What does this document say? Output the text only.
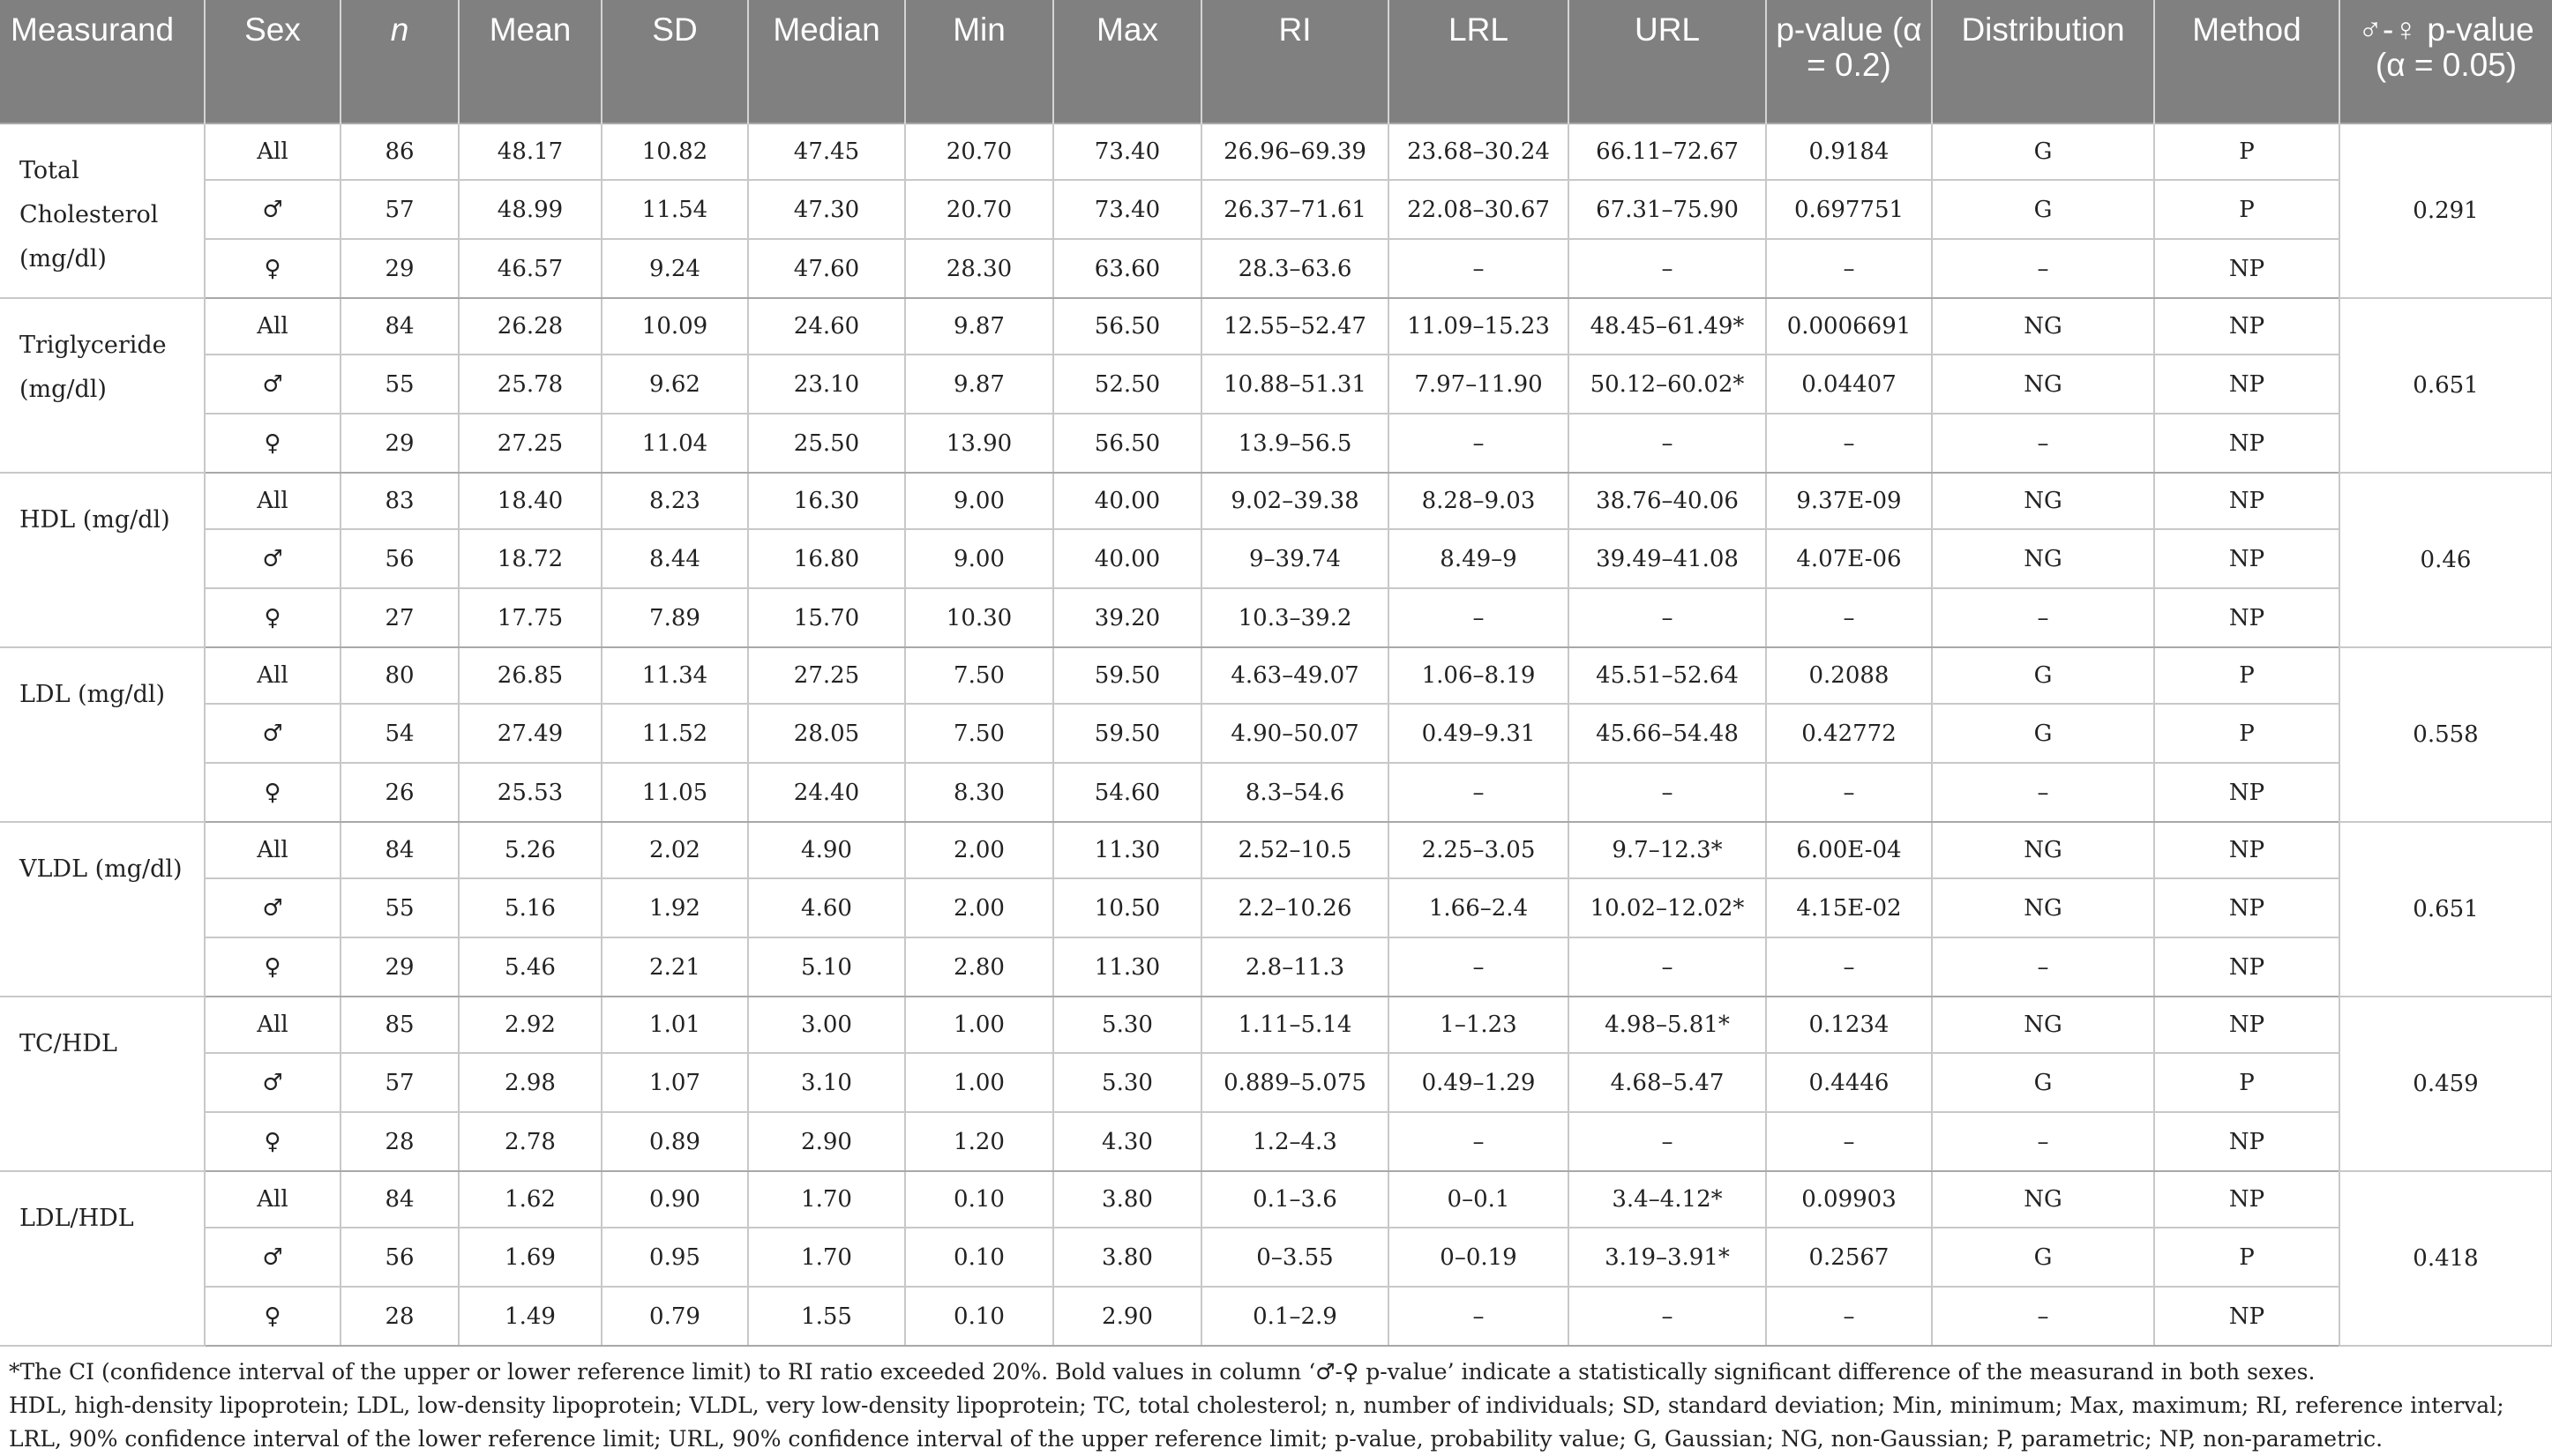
Measurand	Sex	n	Mean	SD	Median	Min	Max	RI	LRL	URL	p-value (α = 0.2)	Distribution	Method	♂-♀ p-value (α = 0.05)
Total Cholesterol (mg/dl)	All	86	48.17	10.82	47.45	20.70	73.40	26.96–69.39	23.68–30.24	66.11–72.67	0.9184	G	P	0.291
	♂	57	48.99	11.54	47.30	20.70	73.40	26.37–71.61	22.08–30.67	67.31–75.90	0.697751	G	P	
	♀	29	46.57	9.24	47.60	28.30	63.60	28.3–63.6	–	–	–	–	NP	
Triglyceride (mg/dl)	All	84	26.28	10.09	24.60	9.87	56.50	12.55–52.47	11.09–15.23	48.45–61.49*	0.0006691	NG	NP	0.651
	♂	55	25.78	9.62	23.10	9.87	52.50	10.88–51.31	7.97–11.90	50.12–60.02*	0.04407	NG	NP	
	♀	29	27.25	11.04	25.50	13.90	56.50	13.9–56.5	–	–	–	–	NP	
HDL (mg/dl)	All	83	18.40	8.23	16.30	9.00	40.00	9.02–39.38	8.28–9.03	38.76–40.06	9.37E-09	NG	NP	0.46
	♂	56	18.72	8.44	16.80	9.00	40.00	9–39.74	8.49–9	39.49–41.08	4.07E-06	NG	NP	
	♀	27	17.75	7.89	15.70	10.30	39.20	10.3–39.2	–	–	–	–	NP	
LDL (mg/dl)	All	80	26.85	11.34	27.25	7.50	59.50	4.63–49.07	1.06–8.19	45.51–52.64	0.2088	G	P	0.558
	♂	54	27.49	11.52	28.05	7.50	59.50	4.90–50.07	0.49–9.31	45.66–54.48	0.42772	G	P	
	♀	26	25.53	11.05	24.40	8.30	54.60	8.3–54.6	–	–	–	–	NP	
VLDL (mg/dl)	All	84	5.26	2.02	4.90	2.00	11.30	2.52–10.5	2.25–3.05	9.7–12.3*	6.00E-04	NG	NP	0.651
	♂	55	5.16	1.92	4.60	2.00	10.50	2.2–10.26	1.66–2.4	10.02–12.02*	4.15E-02	NG	NP	
	♀	29	5.46	2.21	5.10	2.80	11.30	2.8–11.3	–	–	–	–	NP	
TC/HDL	All	85	2.92	1.01	3.00	1.00	5.30	1.11–5.14	1–1.23	4.98–5.81*	0.1234	NG	NP	0.459
	♂	57	2.98	1.07	3.10	1.00	5.30	0.889–5.075	0.49–1.29	4.68–5.47	0.4446	G	P	
	♀	28	2.78	0.89	2.90	1.20	4.30	1.2–4.3	–	–	–	–	NP	
LDL/HDL	All	84	1.62	0.90	1.70	0.10	3.80	0.1–3.6	0–0.1	3.4–4.12*	0.09903	NG	NP	0.418
	♂	56	1.69	0.95	1.70	0.10	3.80	0–3.55	0–0.19	3.19–3.91*	0.2567	G	P	
	♀	28	1.49	0.79	1.55	0.10	2.90	0.1–2.9	–	–	–	–	NP	

*The CI (confidence interval of the upper or lower reference limit) to RI ratio exceeded 20%. Bold values in column ‘♂-♀ p-value’ indicate a statistically significant difference of the measurand in both sexes.

HDL, high-density lipoprotein; LDL, low-density lipoprotein; VLDL, very low-density lipoprotein; TC, total cholesterol; n, number of individuals; SD, standard deviation; Min, minimum; Max, maximum; RI, reference interval; LRL, 90% confidence interval of the lower reference limit; URL, 90% confidence interval of the upper reference limit; p-value, probability value; G, Gaussian; NG, non-Gaussian; P, parametric; NP, non-parametric.
